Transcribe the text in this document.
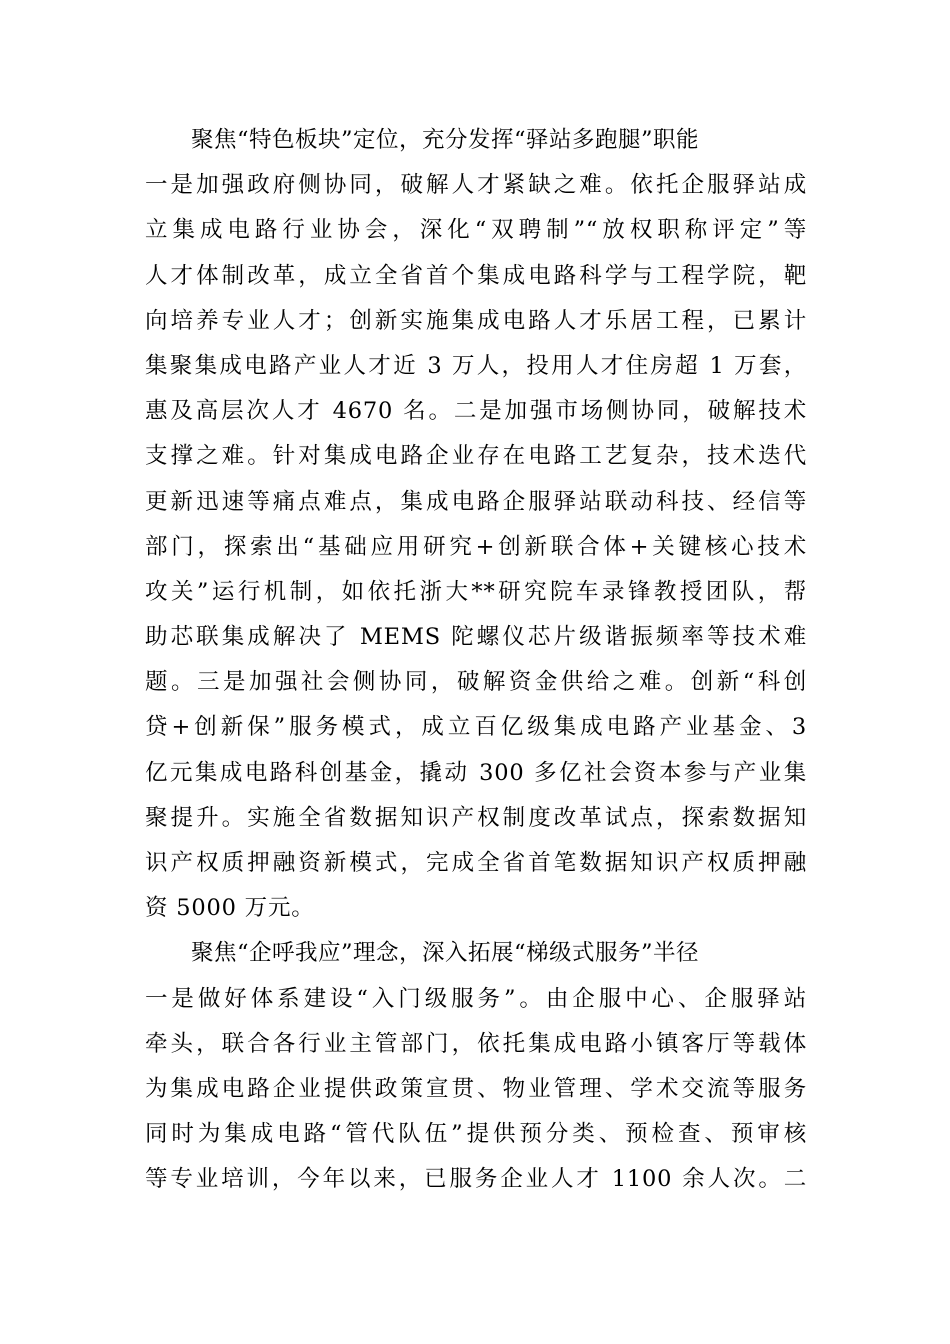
聚焦“特色板块”定位，充分发挥“驿站多跑腿”职能
一是加强政府侧协同，破解人才紧缺之难。依托企服驿站成
立集成电路行业协会，深化“双聘制”“放权职称评定”等
人才体制改革，成立全省首个集成电路科学与工程学院，靶
向培养专业人才；创新实施集成电路人才乐居工程，已累计
集聚集成电路产业人才近 3 万人，投用人才住房超 1 万套，
惠及高层次人才 4670 名。二是加强市场侧协同，破解技术
支撑之难。针对集成电路企业存在电路工艺复杂，技术迭代
更新迅速等痛点难点，集成电路企服驿站联动科技、经信等
部门，探索出“基础应用研究+创新联合体+关键核心技术
攻关”运行机制，如依托浙大**研究院车录锋教授团队，帮
助芯联集成解决了 MEMS 陀螺仪芯片级谐振频率等技术难
题。三是加强社会侧协同，破解资金供给之难。创新“科创
贷+创新保”服务模式，成立百亿级集成电路产业基金、3
亿元集成电路科创基金，撬动 300 多亿社会资本参与产业集
聚提升。实施全省数据知识产权制度改革试点，探索数据知
识产权质押融资新模式，完成全省首笔数据知识产权质押融
资 5000 万元。
聚焦“企呼我应”理念，深入拓展“梯级式服务”半径
一是做好体系建设“入门级服务”。由企服中心、企服驿站
牵头，联合各行业主管部门，依托集成电路小镇客厅等载体
为集成电路企业提供政策宣贯、物业管理、学术交流等服务
同时为集成电路“管代队伍”提供预分类、预检查、预审核
等专业培训，今年以来，已服务企业人才 1100 余人次。二
